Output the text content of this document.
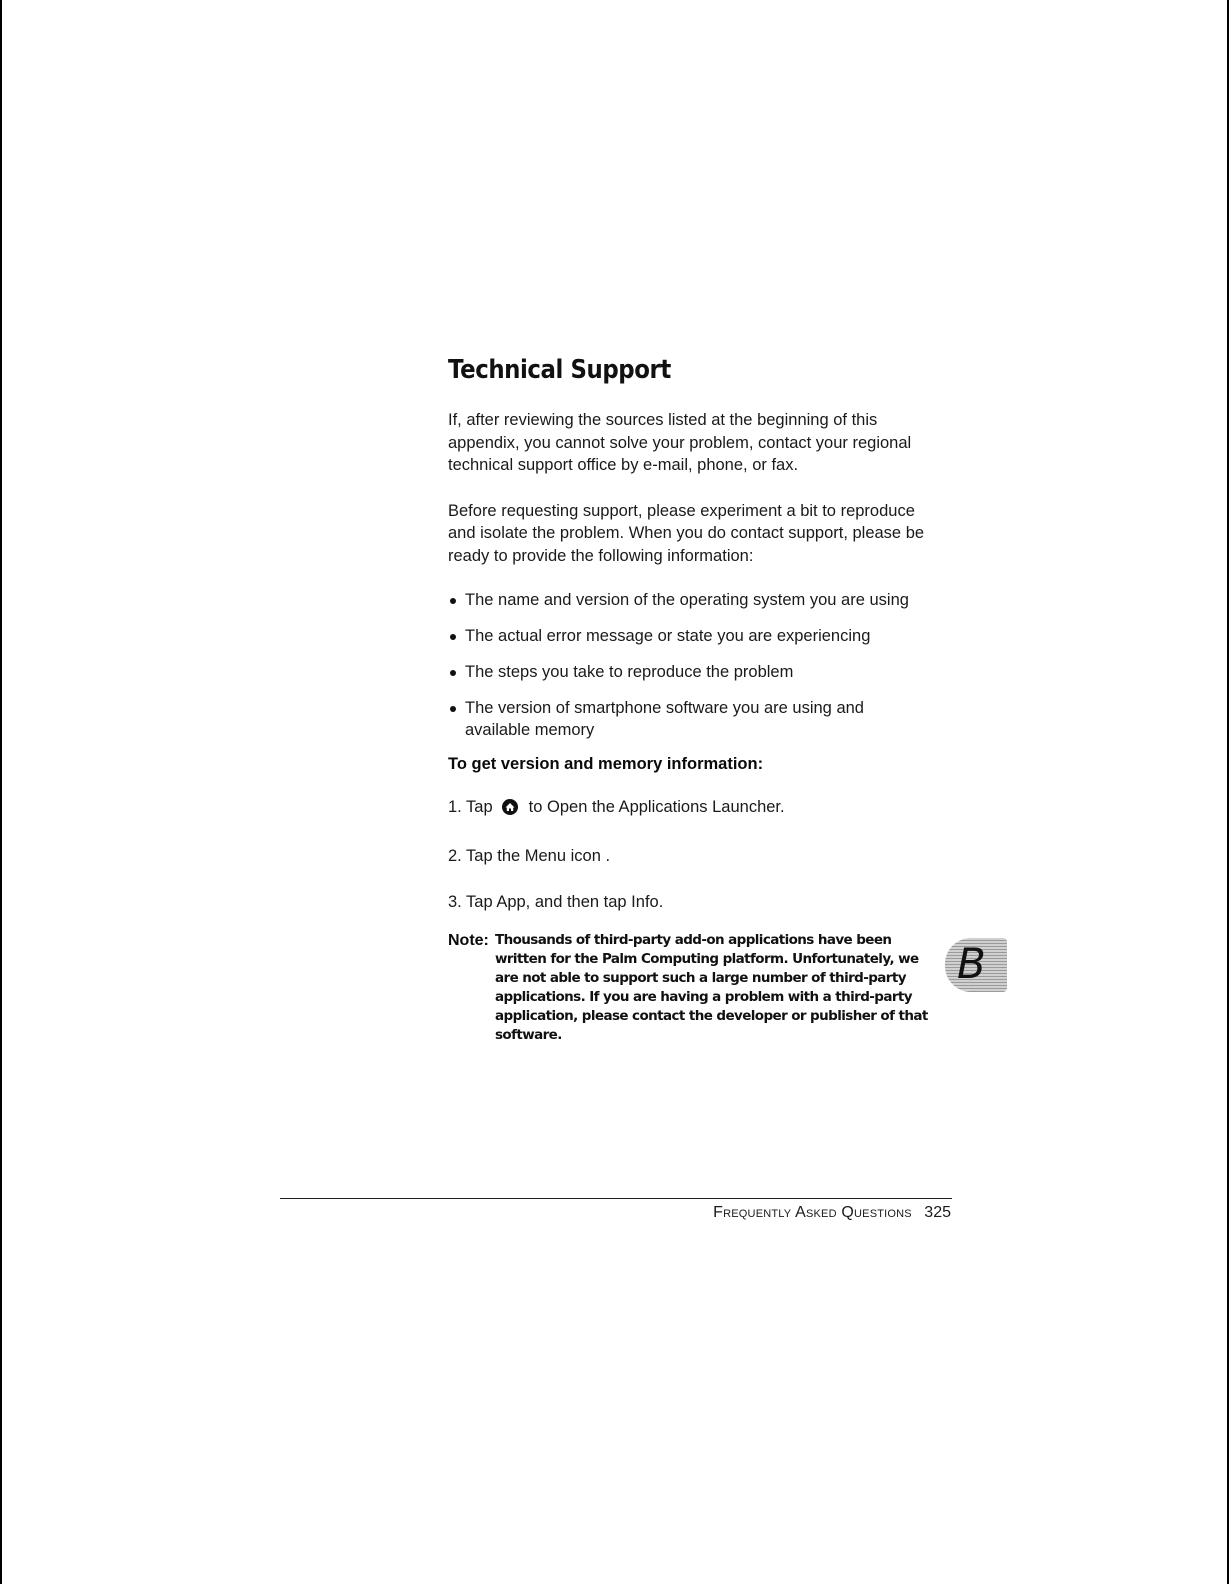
Technical Support

If, after reviewing the sources listed at the beginning of this appendix, you cannot solve your problem, contact your regional technical support office by e-mail, phone, or fax.

Before requesting support, please experiment a bit to reproduce and isolate the problem. When you do contact support, please be ready to provide the following information:

The name and version of the operating system you are using
The actual error message or state you are experiencing
The steps you take to reproduce the problem
The version of smartphone software you are using and available memory

To get version and memory information:

1. Tap to Open the Applications Launcher.

2. Tap the Menu icon .

3. Tap App, and then tap Info.

Note: Thousands of third-party add-on applications have been written for the Palm Computing platform. Unfortunately, we are not able to support such a large number of third-party applications. If you are having a problem with a third-party application, please contact the developer or publisher of that software.

B
Frequently Asked Questions 325
